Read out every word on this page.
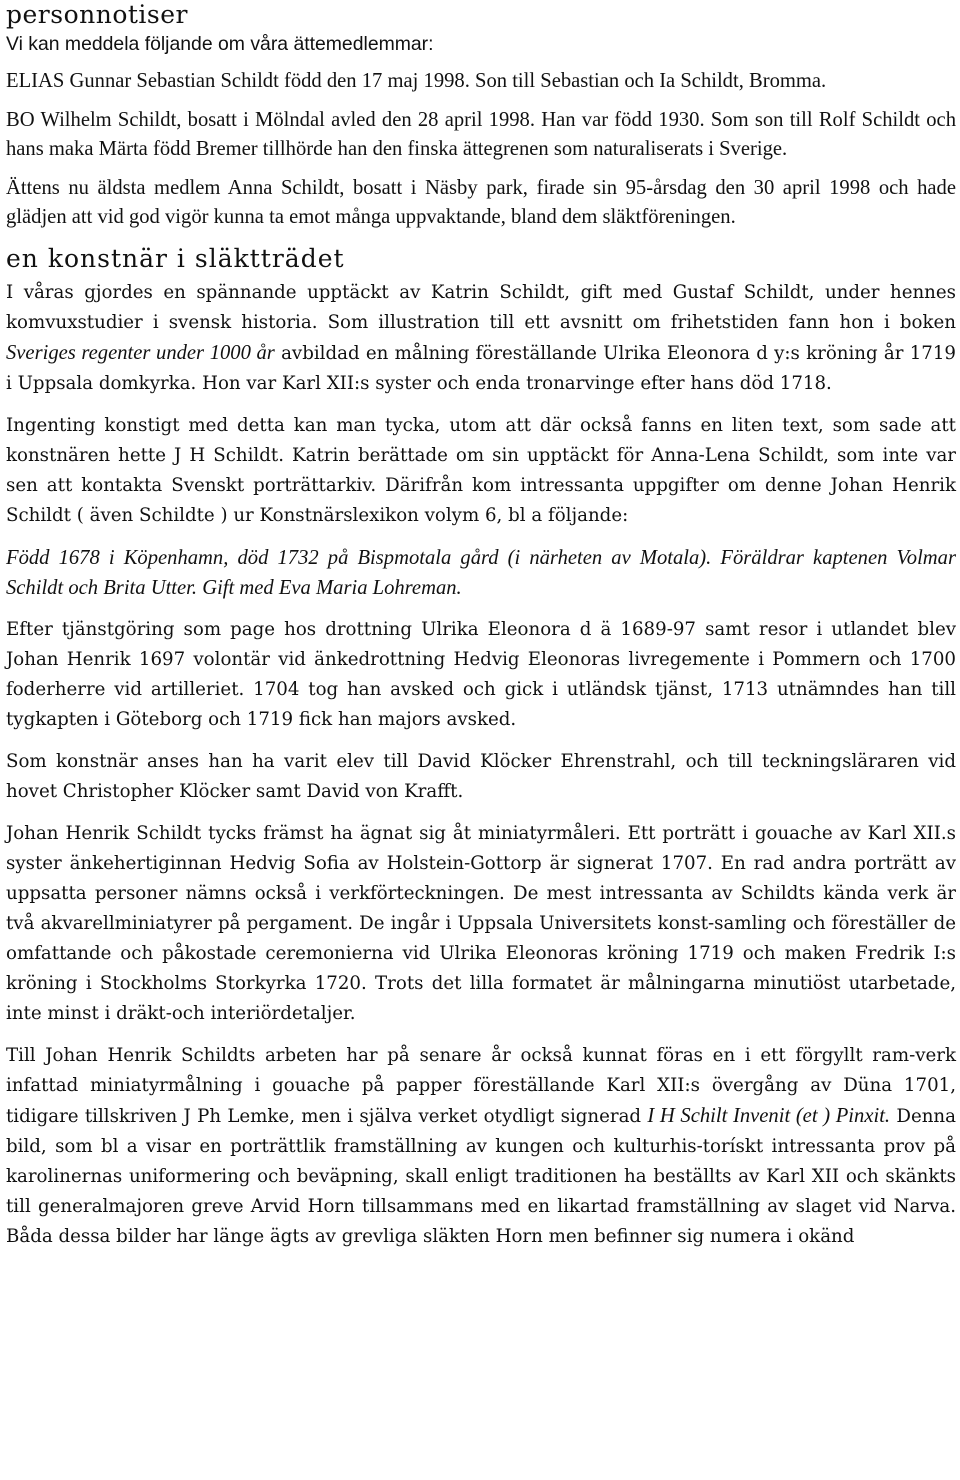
personnotiser

Vi kan meddela följande om våra ättemedlemmar:

ELIAS Gunnar Sebastian Schildt född den 17 maj 1998. Son till Sebastian och Ia Schildt, Bromma.

BO Wilhelm Schildt, bosatt i Mölndal avled den 28 april 1998. Han var född 1930. Som son till Rolf Schildt och hans maka Märta född Bremer tillhörde han den finska ättegrenen som naturaliserats i Sverige.

Ättens nu äldsta medlem Anna Schildt, bosatt i Näsby park, firade sin 95-årsdag den 30 april 1998 och hade glädjen att vid god vigör kunna ta emot många uppvaktande, bland dem släktföreningen.

en konstnär i släktträdet

I våras gjordes en spännande upptäckt av Katrin Schildt, gift med Gustaf Schildt, under hennes komvuxstudier i svensk historia. Som illustration till ett avsnitt om frihetstiden fann hon i boken Sveriges regenter under 1000 år avbildad en målning föreställande Ulrika Eleonora d y:s kröning år 1719 i Uppsala domkyrka. Hon var Karl XII:s syster och enda tronarvinge efter hans död 1718.

Ingenting konstigt med detta kan man tycka, utom att där också fanns en liten text, som sade att konstnären hette J H Schildt. Katrin berättade om sin upptäckt för Anna-Lena Schildt, som inte var sen att kontakta Svenskt porträttarkiv. Därifrån kom intressanta uppgifter om denne Johan Henrik Schildt ( även Schildte ) ur Konstnärslexikon volym 6, bl a följande:

Född 1678 i Köpenhamn, död 1732 på Bispmotala gård (i närheten av Motala). Föräldrar kaptenen Volmar Schildt och Brita Utter. Gift med Eva Maria Lohreman.

Efter tjänstgöring som page hos drottning Ulrika Eleonora d ä 1689-97 samt resor i utlandet blev Johan Henrik 1697 volontär vid änkedrottning Hedvig Eleonoras livregemente i Pommern och 1700 foderherre vid artilleriet. 1704 tog han avsked och gick i utländsk tjänst, 1713 utnämndes han till tygkapten i Göteborg och 1719 fick han majors avsked.

Som konstnär anses han ha varit elev till David Klöcker Ehrenstrahl, och till teckningsläraren vid hovet Christopher Klöcker samt David von Krafft.

Johan Henrik Schildt tycks främst ha ägnat sig åt miniatyrmåleri. Ett porträtt i gouache av Karl XII.s syster änkehertiginnan Hedvig Sofia av Holstein-Gottorp är signerat 1707. En rad andra porträtt av uppsatta personer nämns också i verkförteckningen. De mest intressanta av Schildts kända verk är två akvarellminiatyrer på pergament. De ingår i Uppsala Universitets konst-samling och föreställer de omfattande och påkostade ceremonierna vid Ulrika Eleonoras kröning 1719 och maken Fredrik I:s kröning i Stockholms Storkyrka 1720. Trots det lilla formatet är målningarna minutiöst utarbetade, inte minst i dräkt-och interiördetaljer.

Till Johan Henrik Schildts arbeten har på senare år också kunnat föras en i ett förgyllt ram-verk infattad miniatyrmålning i gouache på papper föreställande Karl XII:s övergång av Düna 1701, tidigare tillskriven J Ph Lemke, men i själva verket otydligt signerad I H Schilt Invenit (et ) Pinxit. Denna bild, som bl a visar en porträttlik framställning av kungen och kulturhis-torískt intressanta prov på karolinernas uniformering och beväpning, skall enligt traditionen ha beställts av Karl XII och skänkts till generalmajoren greve Arvid Horn tillsammans med en likartad framställning av slaget vid Narva. Båda dessa bilder har länge ägts av grevliga släkten Horn men befinner sig numera i okänd
